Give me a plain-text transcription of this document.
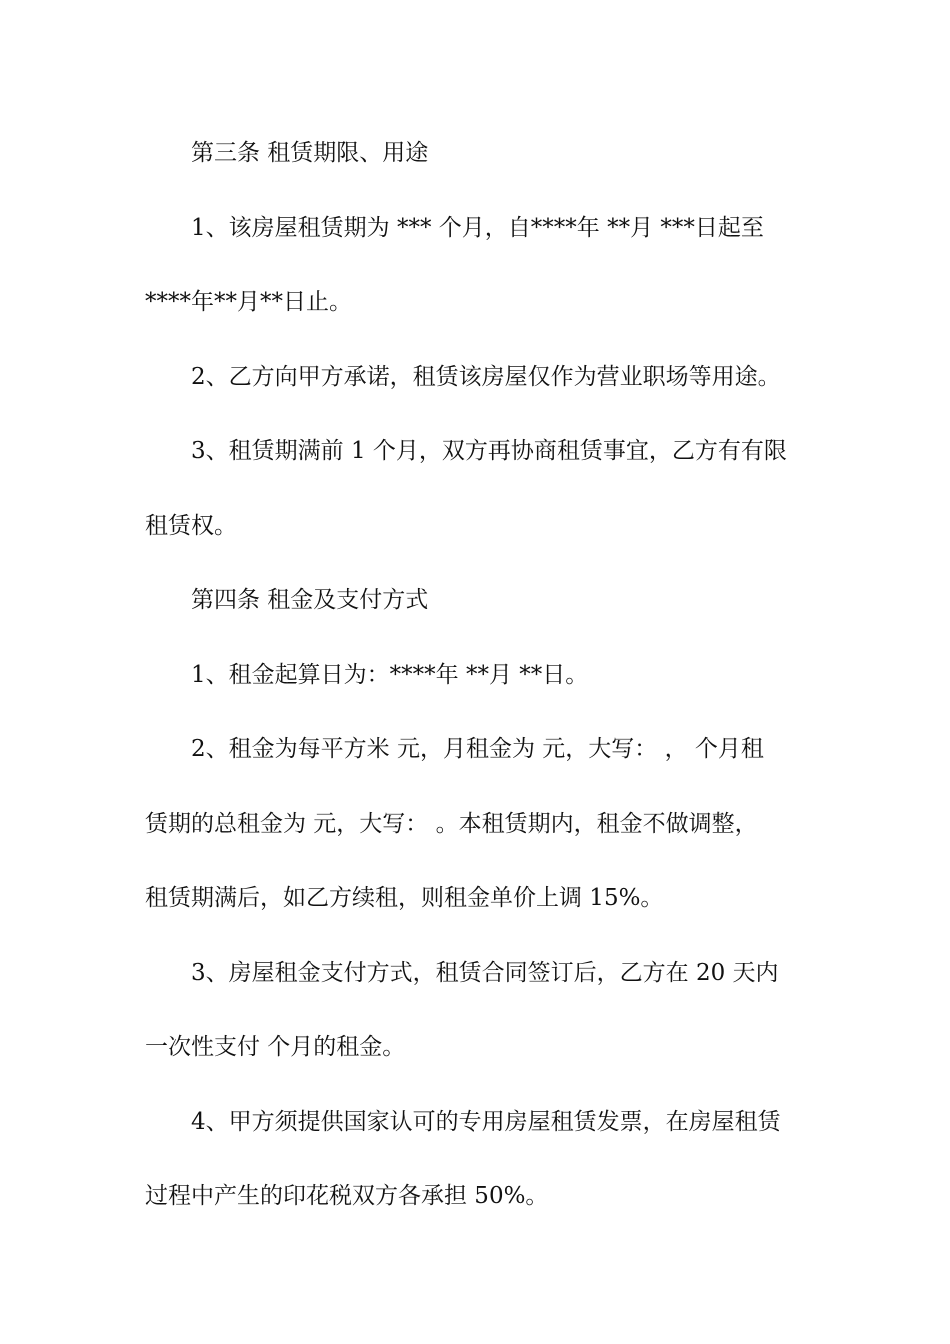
第三条 租赁期限、用途
1、该房屋租赁期为 *** 个月，自****年 **月 ***日起至
****年**月**日止。
2、乙方向甲方承诺，租赁该房屋仅作为营业职场等用途。
3、租赁期满前 1 个月，双方再协商租赁事宜，乙方有有限
租赁权。
第四条 租金及支付方式
1、租金起算日为：****年 **月 **日。
2、租金为每平方米 元，月租金为 元，大写： ， 个月租
赁期的总租金为 元，大写： 。本租赁期内，租金不做调整，
租赁期满后，如乙方续租，则租金单价上调 15%。
3、房屋租金支付方式，租赁合同签订后，乙方在 20 天内
一次性支付 个月的租金。
4、甲方须提供国家认可的专用房屋租赁发票，在房屋租赁
过程中产生的印花税双方各承担 50%。
